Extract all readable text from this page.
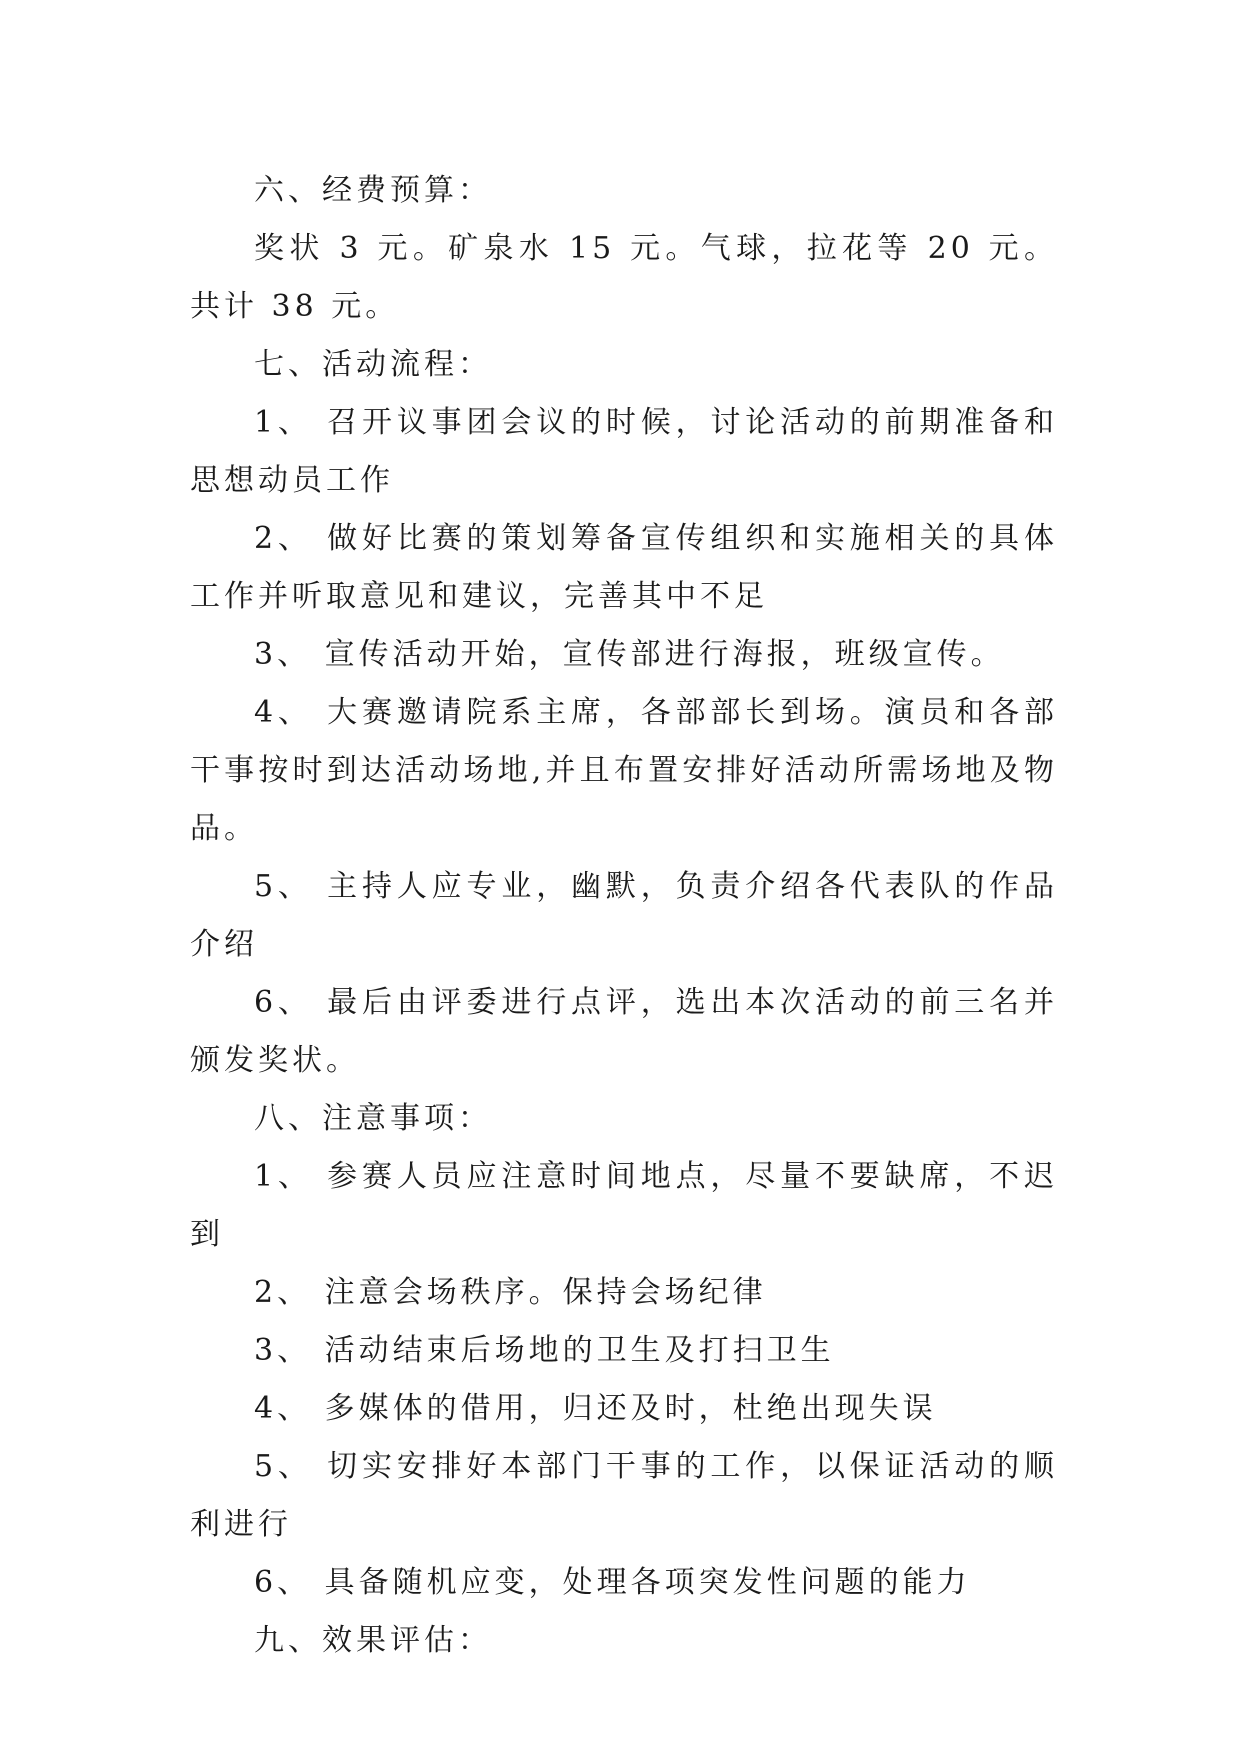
六、经费预算：

奖状 3 元。矿泉水 15 元。气球，拉花等 20 元。共计 38 元。

七、活动流程：

1、 召开议事团会议的时候，讨论活动的前期准备和思想动员工作

2、 做好比赛的策划筹备宣传组织和实施相关的具体工作并听取意见和建议，完善其中不足

3、 宣传活动开始，宣传部进行海报，班级宣传。

4、 大赛邀请院系主席，各部部长到场。演员和各部干事按时到达活动场地,并且布置安排好活动所需场地及物品。

5、 主持人应专业，幽默，负责介绍各代表队的作品介绍

6、 最后由评委进行点评，选出本次活动的前三名并颁发奖状。

八、注意事项：

1、 参赛人员应注意时间地点，尽量不要缺席，不迟到

2、 注意会场秩序。保持会场纪律

3、 活动结束后场地的卫生及打扫卫生

4、 多媒体的借用，归还及时，杜绝出现失误

5、 切实安排好本部门干事的工作，以保证活动的顺利进行

6、 具备随机应变，处理各项突发性问题的能力

九、效果评估：
